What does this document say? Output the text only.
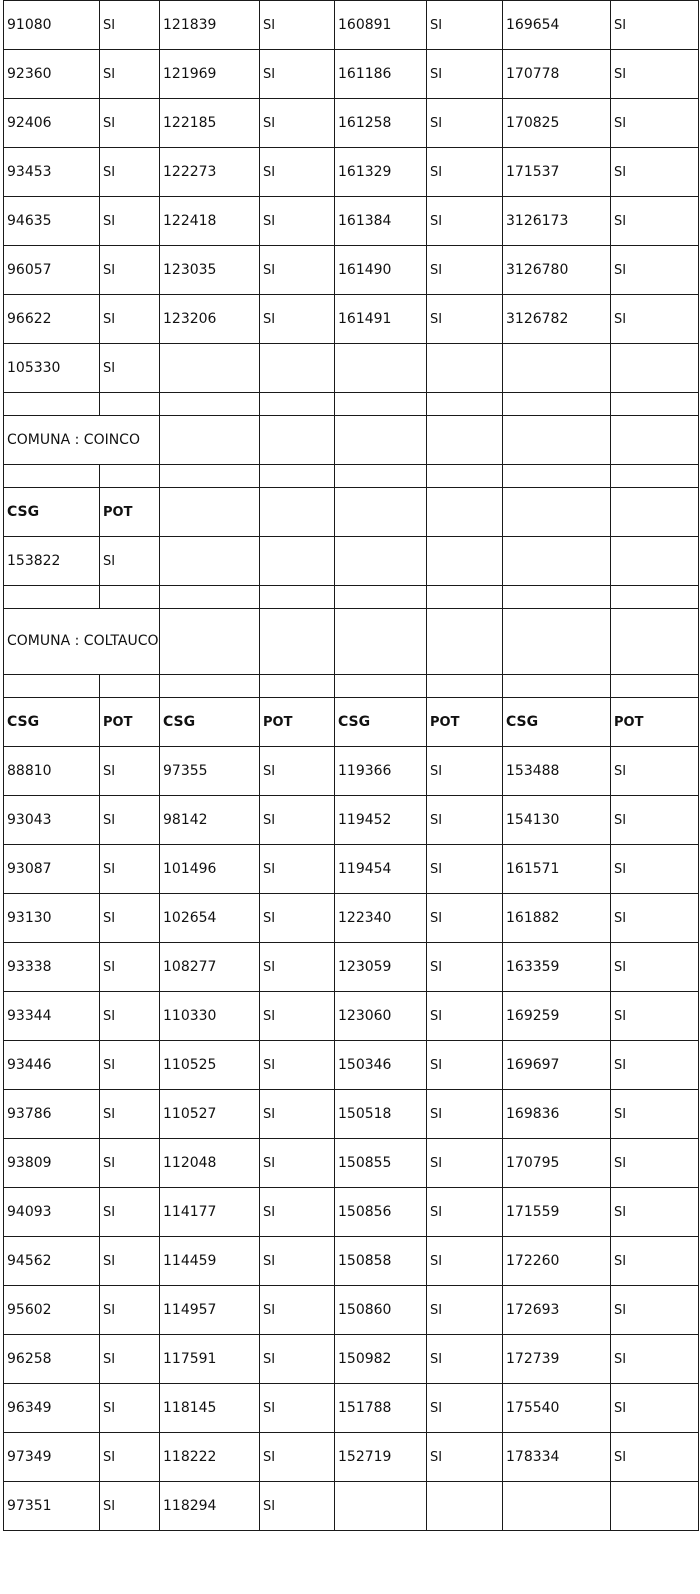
91080	SI	121839	SI	160891	SI	169654	SI
92360	SI	121969	SI	161186	SI	170778	SI
92406	SI	122185	SI	161258	SI	170825	SI
93453	SI	122273	SI	161329	SI	171537	SI
94635	SI	122418	SI	161384	SI	3126173	SI
96057	SI	123035	SI	161490	SI	3126780	SI
96622	SI	123206	SI	161491	SI	3126782	SI
105330	SI						

COMUNA : COINCO							

CSG	POT						
153822	SI						

COMUNA : COLTAUCO							

CSG	POT	CSG	POT	CSG	POT	CSG	POT
88810	SI	97355	SI	119366	SI	153488	SI
93043	SI	98142	SI	119452	SI	154130	SI
93087	SI	101496	SI	119454	SI	161571	SI
93130	SI	102654	SI	122340	SI	161882	SI
93338	SI	108277	SI	123059	SI	163359	SI
93344	SI	110330	SI	123060	SI	169259	SI
93446	SI	110525	SI	150346	SI	169697	SI
93786	SI	110527	SI	150518	SI	169836	SI
93809	SI	112048	SI	150855	SI	170795	SI
94093	SI	114177	SI	150856	SI	171559	SI
94562	SI	114459	SI	150858	SI	172260	SI
95602	SI	114957	SI	150860	SI	172693	SI
96258	SI	117591	SI	150982	SI	172739	SI
96349	SI	118145	SI	151788	SI	175540	SI
97349	SI	118222	SI	152719	SI	178334	SI
97351	SI	118294	SI				
